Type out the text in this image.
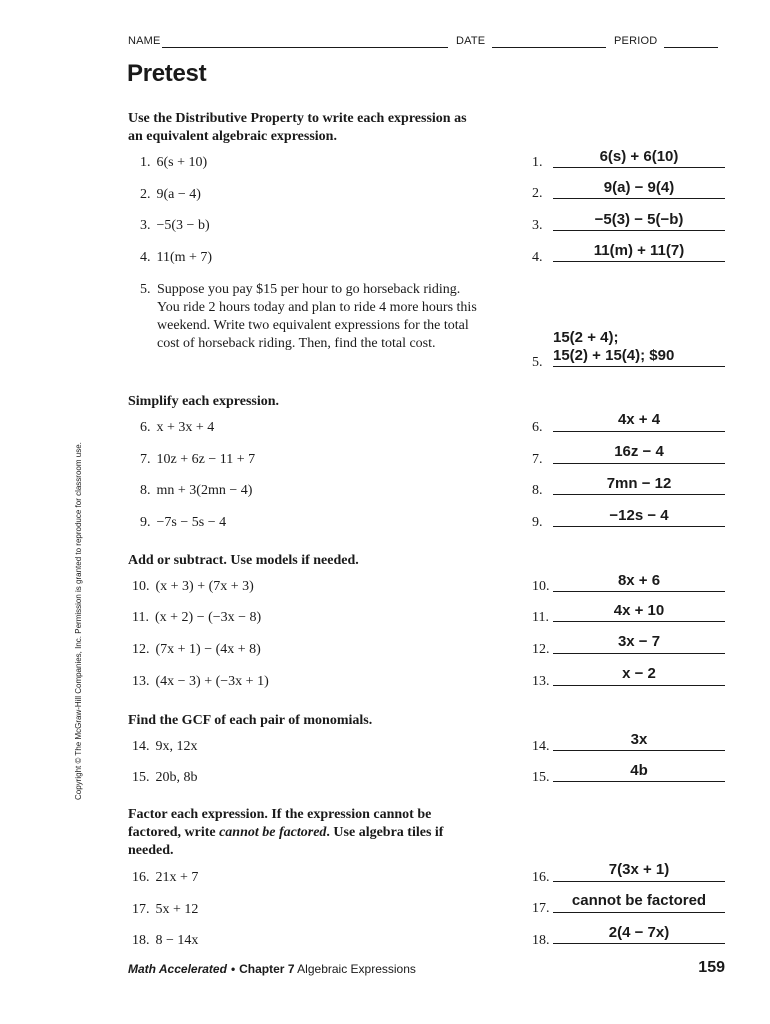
NAME	DATE	PERIOD
Pretest
Use the Distributive Property to write each expression as an equivalent algebraic expression.
Simplify each expression.
Add or subtract. Use models if needed.
Find the GCF of each pair of monomials.
Factor each expression. If the expression cannot be factored, write cannot be factored. Use algebra tiles if needed.
1. 6(s + 10)
2. 9(a − 4)
3. −5(3 − b)
4. 11(m + 7)
5. Suppose you pay $15 per hour to go horseback riding. You ride 2 hours today and plan to ride 4 more hours this weekend. Write two equivalent expressions for the total cost of horseback riding. Then, find the total cost.
6. x + 3x + 4
7. 10z + 6z − 11 + 7
8. mn + 3(2mn − 4)
9. −7s − 5s − 4
10. (x + 3) + (7x + 3)
11. (x + 2) − (−3x − 8)
12. (7x + 1) − (4x + 8)
13. (4x − 3) + (−3x + 1)
14. 9x, 12x
15. 20b, 8b
16. 21x + 7
17. 5x + 12
18. 8 − 14x
1.	6(s) + 6(10)
2.	9(a) − 9(4)
3.	−5(3) − 5(−b)
4.	11(m) + 11(7)
5.
15(2 + 4);
15(2) + 15(4); $90
6.	4x + 4
7.	16z − 4
8.	7mn − 12
9.	−12s − 4
10.	8x + 6
11.	4x + 10
12.	3x − 7
13.	x − 2
14.	3x
15.	4b
16.	7(3x + 1)
17.	cannot be factored
18.	2(4 − 7x)
Copyright © The McGraw-Hill Companies, Inc. Permission is granted to reproduce for classroom use.
Math Accelerated • Chapter 7 Algebraic Expressions	159
